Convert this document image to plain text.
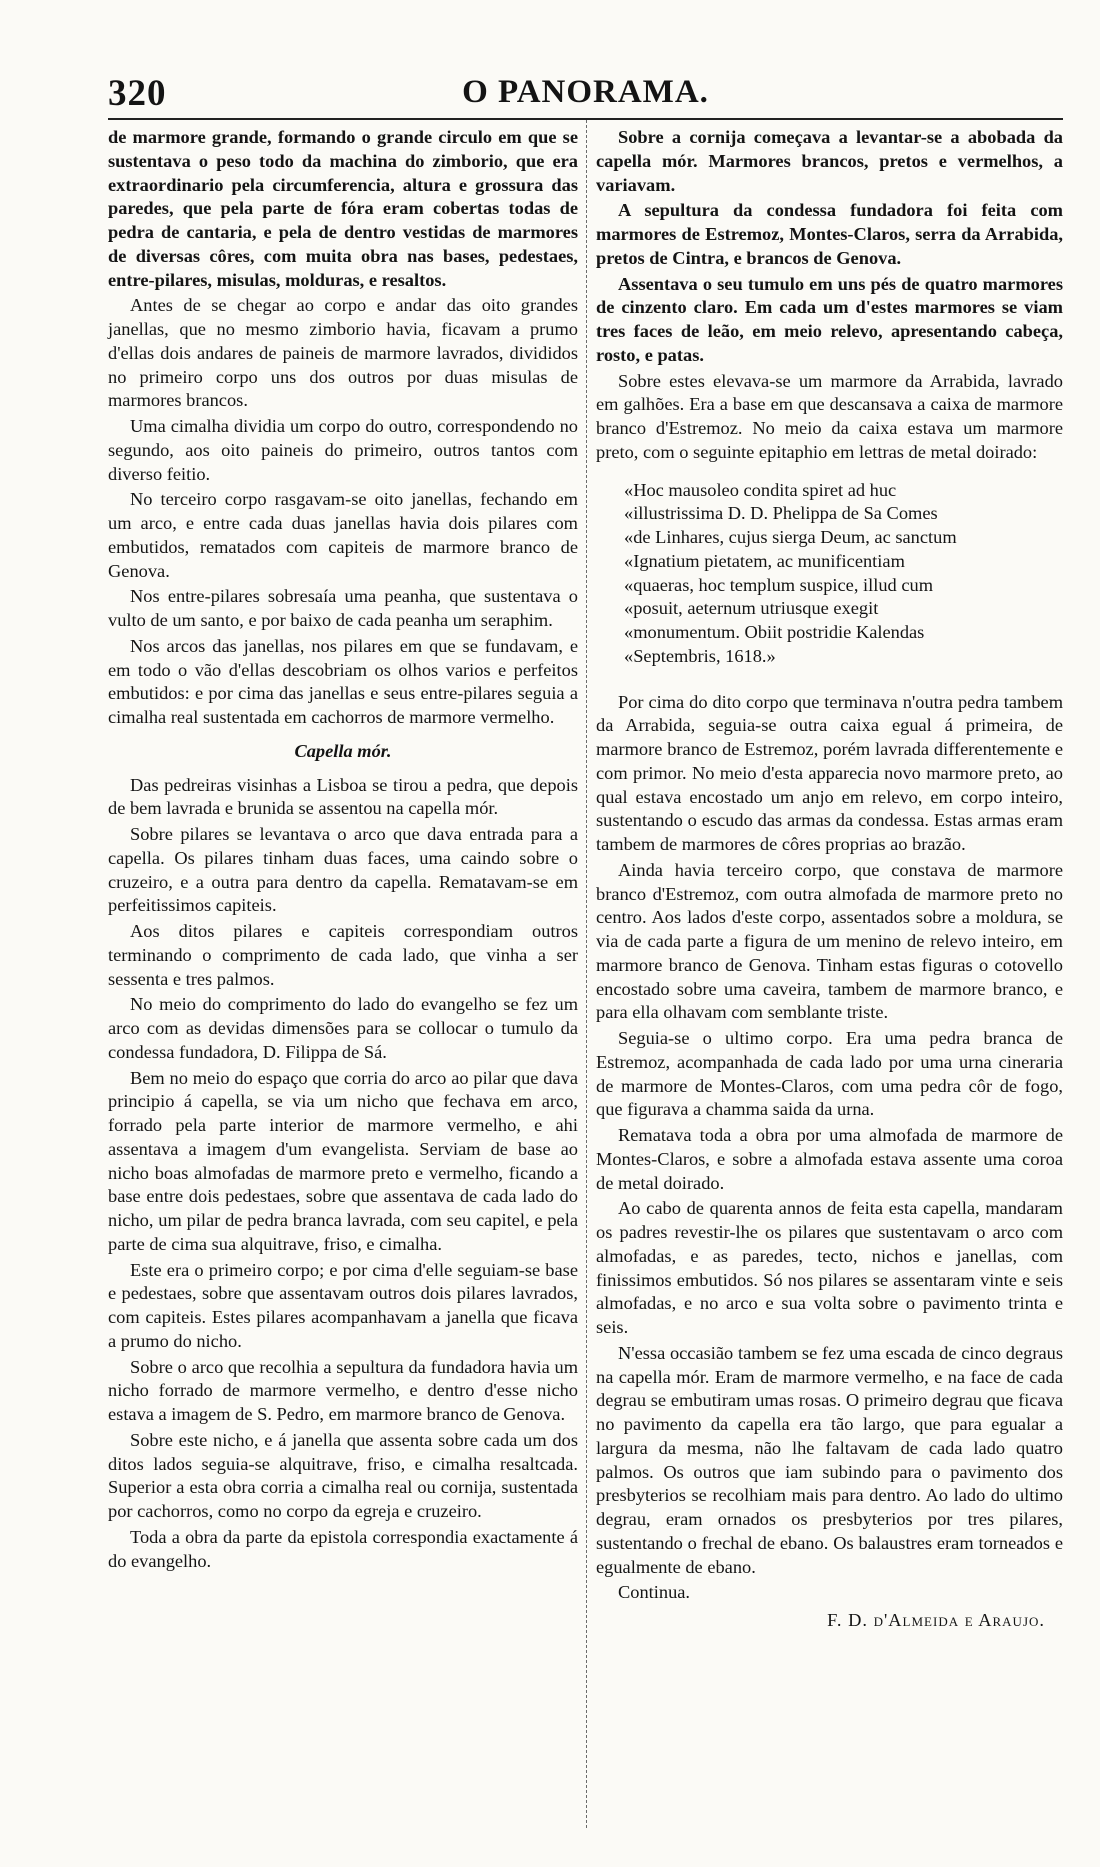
320	O PANORAMA.

de marmore grande, formando o grande circulo em que se sustentava o peso todo da machina do zimborio, que era extraordinario pela circumferencia, altura e grossura das paredes, que pela parte de fóra eram cobertas todas de pedra de cantaria, e pela de dentro vestidas de marmores de diversas côres, com muita obra nas bases, pedestaes, entre-pilares, misulas, molduras, e resaltos.

Antes de se chegar ao corpo e andar das oito grandes janellas, que no mesmo zimborio havia, ficavam a prumo d'ellas dois andares de paineis de marmore lavrados, divididos no primeiro corpo uns dos outros por duas misulas de marmores brancos.

Uma cimalha dividia um corpo do outro, correspondendo no segundo, aos oito paineis do primeiro, outros tantos com diverso feitio.

No terceiro corpo rasgavam-se oito janellas, fechando em um arco, e entre cada duas janellas havia dois pilares com embutidos, rematados com capiteis de marmore branco de Genova.

Nos entre-pilares sobresaía uma peanha, que sustentava o vulto de um santo, e por baixo de cada peanha um seraphim.

Nos arcos das janellas, nos pilares em que se fundavam, e em todo o vão d'ellas descobriam os olhos varios e perfeitos embutidos: e por cima das janellas e seus entre-pilares seguia a cimalha real sustentada em cachorros de marmore vermelho.

Capella mór.

Das pedreiras visinhas a Lisboa se tirou a pedra, que depois de bem lavrada e brunida se assentou na capella mór.

Sobre pilares se levantava o arco que dava entrada para a capella. Os pilares tinham duas faces, uma caindo sobre o cruzeiro, e a outra para dentro da capella. Rematavam-se em perfeitissimos capiteis.

Aos ditos pilares e capiteis correspondiam outros terminando o comprimento de cada lado, que vinha a ser sessenta e tres palmos.

No meio do comprimento do lado do evangelho se fez um arco com as devidas dimensões para se collocar o tumulo da condessa fundadora, D. Filippa de Sá.

Bem no meio do espaço que corria do arco ao pilar que dava principio á capella, se via um nicho que fechava em arco, forrado pela parte interior de marmore vermelho, e ahi assentava a imagem d'um evangelista. Serviam de base ao nicho boas almofadas de marmore preto e vermelho, ficando a base entre dois pedestaes, sobre que assentava de cada lado do nicho, um pilar de pedra branca lavrada, com seu capitel, e pela parte de cima sua alquitrave, friso, e cimalha.

Este era o primeiro corpo; e por cima d'elle seguiam-se base e pedestaes, sobre que assentavam outros dois pilares lavrados, com capiteis. Estes pilares acompanhavam a janella que ficava a prumo do nicho.

Sobre o arco que recolhia a sepultura da fundadora havia um nicho forrado de marmore vermelho, e dentro d'esse nicho estava a imagem de S. Pedro, em marmore branco de Genova.

Sobre este nicho, e á janella que assenta sobre cada um dos ditos lados seguia-se alquitrave, friso, e cimalha resaltcada. Superior a esta obra corria a cimalha real ou cornija, sustentada por cachorros, como no corpo da egreja e cruzeiro.

Toda a obra da parte da epistola correspondia exactamente á do evangelho.

Sobre a cornija começava a levantar-se a abobada da capella mór. Marmores brancos, pretos e vermelhos, a variavam.

A sepultura da condessa fundadora foi feita com marmores de Estremoz, Montes-Claros, serra da Arrabida, pretos de Cintra, e brancos de Genova.

Assentava o seu tumulo em uns pés de quatro marmores de cinzento claro. Em cada um d'estes marmores se viam tres faces de leão, em meio relevo, apresentando cabeça, rosto, e patas.

Sobre estes elevava-se um marmore da Arrabida, lavrado em galhões. Era a base em que descansava a caixa de marmore branco d'Estremoz. No meio da caixa estava um marmore preto, com o seguinte epitaphio em lettras de metal doirado:

«Hoc mausoleo condita spiret ad huc
«illustrissima D. D. Phelippa de Sa Comes
«de Linhares, cujus sierga Deum, ac sanctum
«Ignatium pietatem, ac munificentiam
«quaeras, hoc templum suspice, illud cum
«posuit, aeternum utriusque exegit
«monumentum. Obiit postridie Kalendas
«Septembris, 1618.»

Por cima do dito corpo que terminava n'outra pedra tambem da Arrabida, seguia-se outra caixa egual á primeira, de marmore branco de Estremoz, porém lavrada differentemente e com primor. No meio d'esta apparecia novo marmore preto, ao qual estava encostado um anjo em relevo, em corpo inteiro, sustentando o escudo das armas da condessa. Estas armas eram tambem de marmores de côres proprias ao brazão.

Ainda havia terceiro corpo, que constava de marmore branco d'Estremoz, com outra almofada de marmore preto no centro. Aos lados d'este corpo, assentados sobre a moldura, se via de cada parte a figura de um menino de relevo inteiro, em marmore branco de Genova. Tinham estas figuras o cotovello encostado sobre uma caveira, tambem de marmore branco, e para ella olhavam com semblante triste.

Seguia-se o ultimo corpo. Era uma pedra branca de Estremoz, acompanhada de cada lado por uma urna cineraria de marmore de Montes-Claros, com uma pedra côr de fogo, que figurava a chamma saida da urna.

Rematava toda a obra por uma almofada de marmore de Montes-Claros, e sobre a almofada estava assente uma coroa de metal doirado.

Ao cabo de quarenta annos de feita esta capella, mandaram os padres revestir-lhe os pilares que sustentavam o arco com almofadas, e as paredes, tecto, nichos e janellas, com finissimos embutidos. Só nos pilares se assentaram vinte e seis almofadas, e no arco e sua volta sobre o pavimento trinta e seis.

N'essa occasião tambem se fez uma escada de cinco degraus na capella mór. Eram de marmore vermelho, e na face de cada degrau se embutiram umas rosas. O primeiro degrau que ficava no pavimento da capella era tão largo, que para egualar a largura da mesma, não lhe faltavam de cada lado quatro palmos. Os outros que iam subindo para o pavimento dos presbyterios se recolhiam mais para dentro. Ao lado do ultimo degrau, eram ornados os presbyterios por tres pilares, sustentando o frechal de ebano. Os balaustres eram torneados e egualmente de ebano.

Continua.

F. D. d'Almeida e Araujo.
